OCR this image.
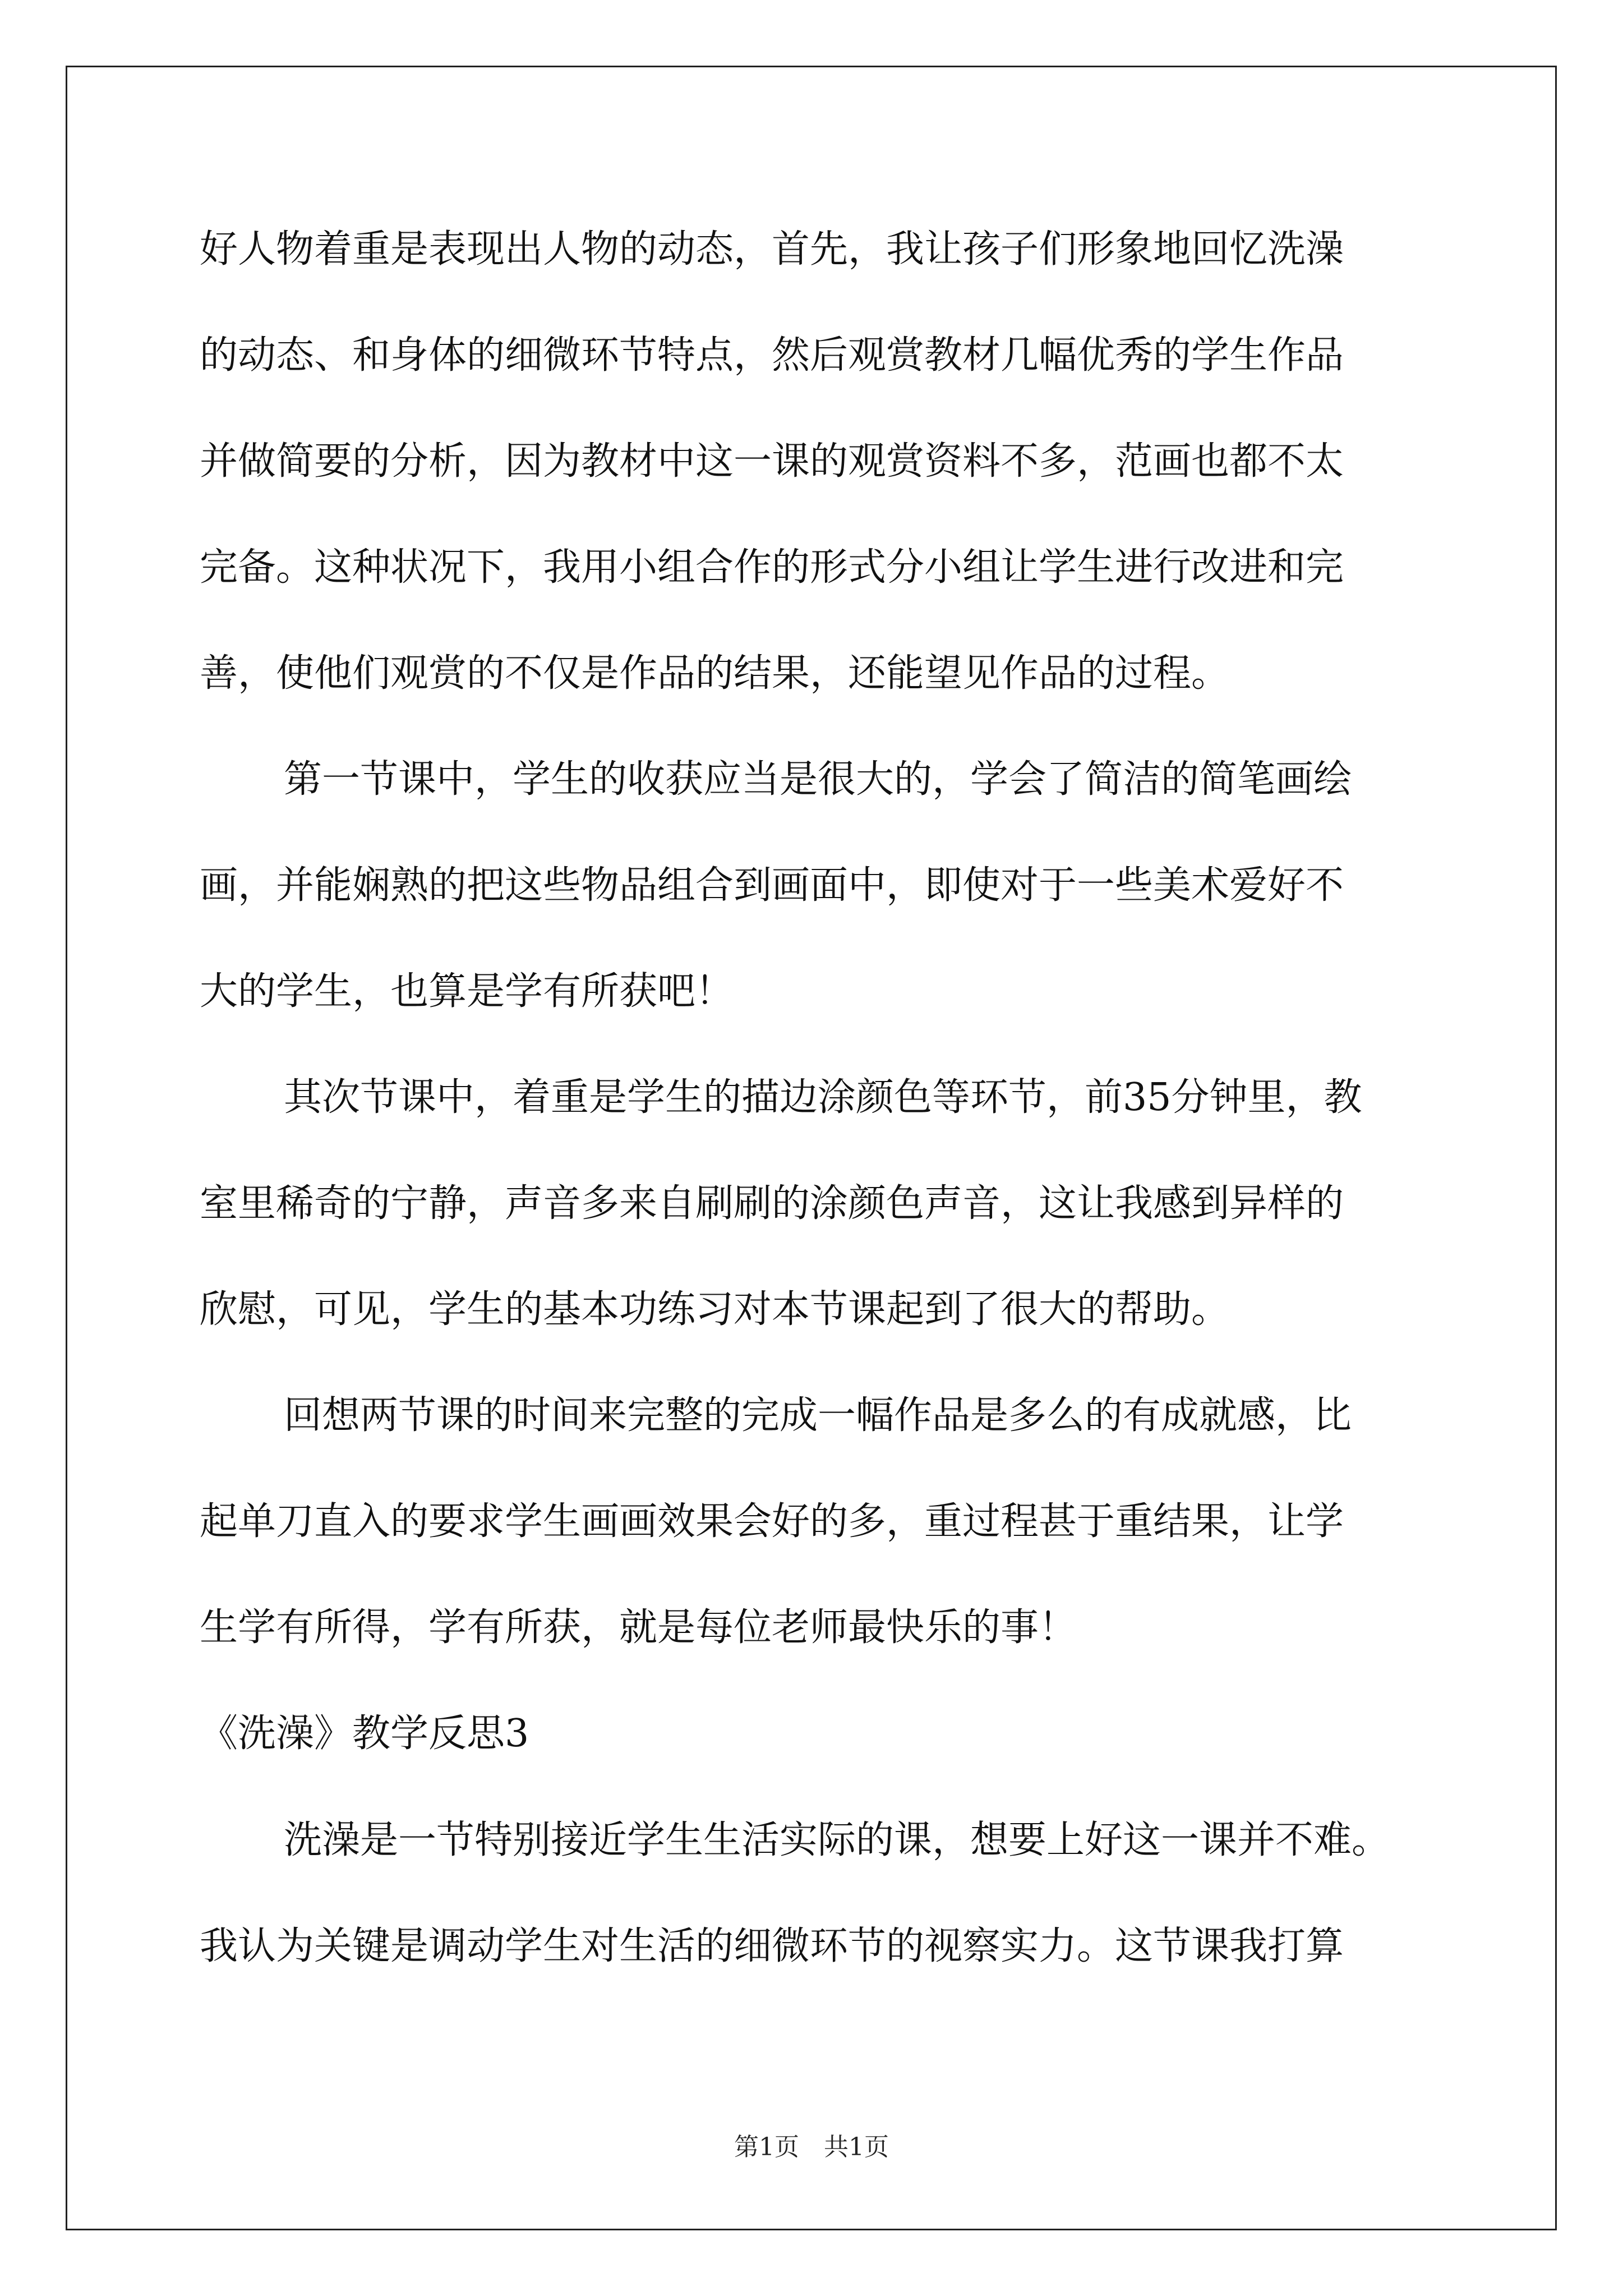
好人物着重是表现出人物的动态，首先，我让孩子们形象地回忆洗澡
的动态、和身体的细微环节特点，然后观赏教材几幅优秀的学生作品
并做简要的分析，因为教材中这一课的观赏资料不多，范画也都不太
完备。这种状况下，我用小组合作的形式分小组让学生进行改进和完
善，使他们观赏的不仅是作品的结果，还能望见作品的过程。
第一节课中，学生的收获应当是很大的，学会了简洁的简笔画绘
画，并能娴熟的把这些物品组合到画面中，即使对于一些美术爱好不
大的学生，也算是学有所获吧！
其次节课中，着重是学生的描边涂颜色等环节，前35分钟里，教
室里稀奇的宁静，声音多来自刷刷的涂颜色声音，这让我感到异样的
欣慰，可见，学生的基本功练习对本节课起到了很大的帮助。
回想两节课的时间来完整的完成一幅作品是多么的有成就感，比
起单刀直入的要求学生画画效果会好的多，重过程甚于重结果，让学
生学有所得，学有所获，就是每位老师最快乐的事！
《洗澡》教学反思3
洗澡是一节特别接近学生生活实际的课，想要上好这一课并不难。
我认为关键是调动学生对生活的细微环节的视察实力。这节课我打算
第1页　共1页
